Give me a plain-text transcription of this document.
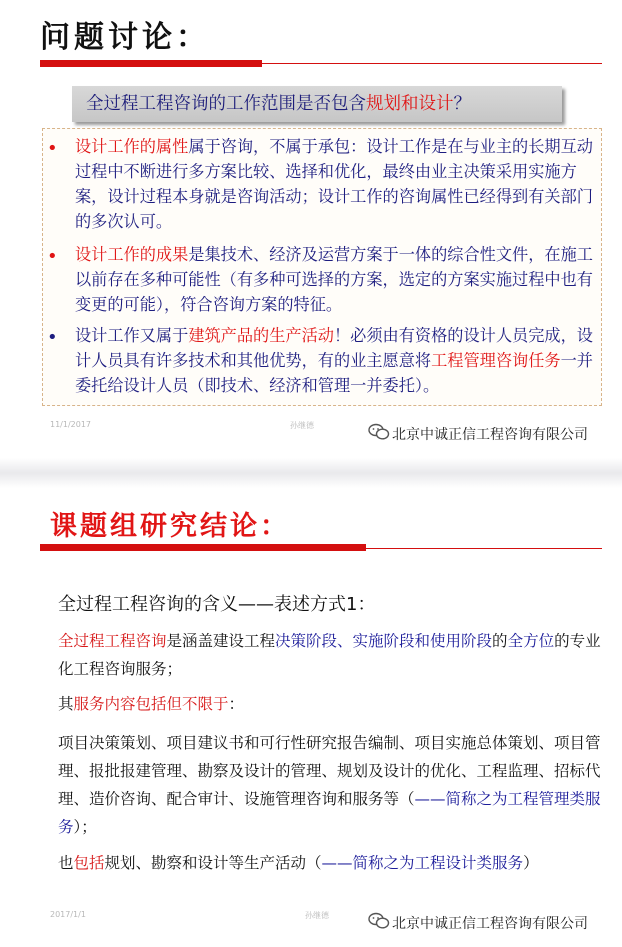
问题讨论：
全过程工程咨询的工作范围是否包含规划和设计？
• 设计工作的属性属于咨询，不属于承包：设计工作是在与业主的长期互动过程中不断进行多方案比较、选择和优化，最终由业主决策采用实施方案，设计过程本身就是咨询活动；设计工作的咨询属性已经得到有关部门的多次认可。
• 设计工作的成果是集技术、经济及运营方案于一体的综合性文件，在施工以前存在多种可能性（有多种可选择的方案，选定的方案实施过程中也有变更的可能），符合咨询方案的特征。
• 设计工作又属于建筑产品的生产活动！必须由有资格的设计人员完成，设计人员具有许多技术和其他优势，有的业主愿意将工程管理咨询任务一并委托给设计人员（即技术、经济和管理一并委托）。
11/1/2017	孙继德
北京中诚正信工程咨询有限公司
课题组研究结论：
全过程工程咨询的含义——表述方式1：
全过程工程咨询是涵盖建设工程决策阶段、实施阶段和使用阶段的全方位的专业化工程咨询服务；
其服务内容包括但不限于：
项目决策策划、项目建议书和可行性研究报告编制、项目实施总体策划、项目管理、报批报建管理、勘察及设计的管理、规划及设计的优化、工程监理、招标代理、造价咨询、配合审计、设施管理咨询和服务等（——简称之为工程管理类服务）；
也包括规划、勘察和设计等生产活动（——简称之为工程设计类服务）
2017/1/1	孙继德
北京中诚正信工程咨询有限公司
